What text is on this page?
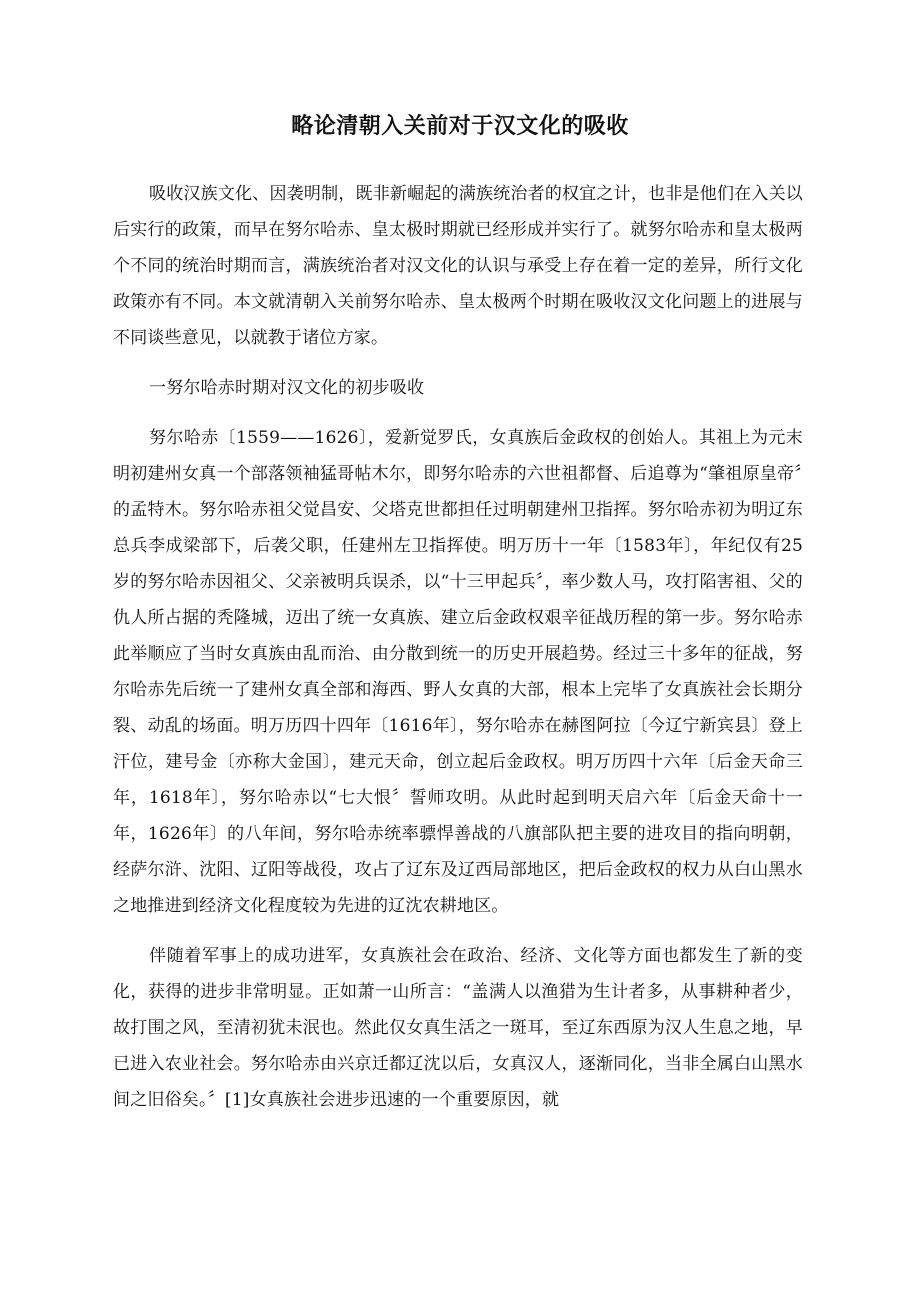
略论清朝入关前对于汉文化的吸收

吸收汉族文化、因袭明制，既非新崛起的满族统治者的权宜之计，也非是他们在入关以后实行的政策，而早在努尔哈赤、皇太极时期就已经形成并实行了。就努尔哈赤和皇太极两个不同的统治时期而言，满族统治者对汉文化的认识与承受上存在着一定的差异，所行文化政策亦有不同。本文就清朝入关前努尔哈赤、皇太极两个时期在吸收汉文化问题上的进展与不同谈些意见，以就教于诸位方家。

一努尔哈赤时期对汉文化的初步吸收

努尔哈赤〔1559——1626〕，爱新觉罗氏，女真族后金政权的创始人。其祖上为元末明初建州女真一个部落领袖猛哥帖木尔，即努尔哈赤的六世祖都督、后追尊为“肇祖原皇帝〞的孟特木。努尔哈赤祖父觉昌安、父塔克世都担任过明朝建州卫指挥。努尔哈赤初为明辽东总兵李成梁部下，后袭父职，任建州左卫指挥使。明万历十一年〔1583年〕，年纪仅有25岁的努尔哈赤因祖父、父亲被明兵误杀，以“十三甲起兵〞，率少数人马，攻打陷害祖、父的仇人所占据的秃隆城，迈出了统一女真族、建立后金政权艰辛征战历程的第一步。努尔哈赤此举顺应了当时女真族由乱而治、由分散到统一的历史开展趋势。经过三十多年的征战，努尔哈赤先后统一了建州女真全部和海西、野人女真的大部，根本上完毕了女真族社会长期分裂、动乱的场面。明万历四十四年〔1616年〕，努尔哈赤在赫图阿拉〔今辽宁新宾县〕登上汗位，建号金〔亦称大金国〕，建元天命，创立起后金政权。明万历四十六年〔后金天命三年，1618年〕，努尔哈赤以“七大恨〞誓师攻明。从此时起到明天启六年〔后金天命十一年，1626年〕的八年间，努尔哈赤统率骠悍善战的八旗部队把主要的进攻目的指向明朝，经萨尔浒、沈阳、辽阳等战役，攻占了辽东及辽西局部地区，把后金政权的权力从白山黑水之地推进到经济文化程度较为先进的辽沈农耕地区。

伴随着军事上的成功进军，女真族社会在政治、经济、文化等方面也都发生了新的变化，获得的进步非常明显。正如萧一山所言：“盖满人以渔猎为生计者多，从事耕种者少，故打围之风，至清初犹未泯也。然此仅女真生活之一斑耳，至辽东西原为汉人生息之地，早已进入农业社会。努尔哈赤由兴京迁都辽沈以后，女真汉人，逐渐同化，当非全属白山黑水间之旧俗矣。〞[1]女真族社会进步迅速的一个重要原因，就
